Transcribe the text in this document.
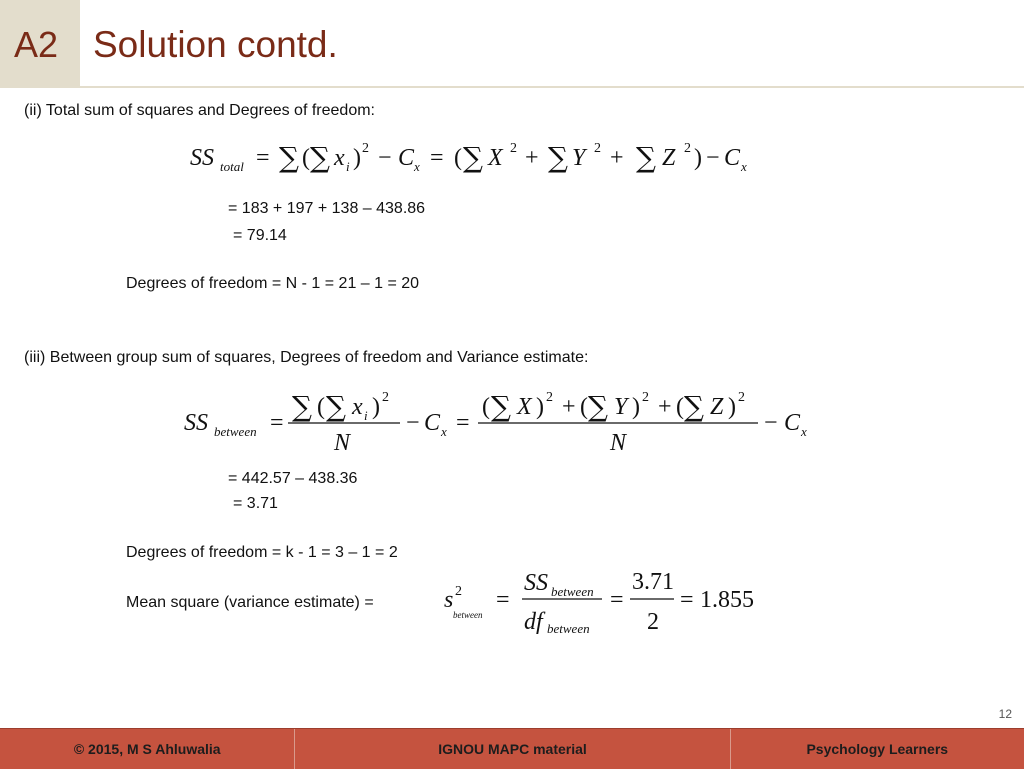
A2 Solution contd.
(ii) Total sum of squares and Degrees of freedom:
SS total = ∑ ( ∑ x i ) 2 − C x = ( ∑ X 2 + ∑ Y 2 + ∑ Z 2 ) − C x
= 183 + 197 + 138 – 438.86
= 79.14
Degrees of freedom = N - 1 = 21 – 1 = 20
(iii) Between group sum of squares, Degrees of freedom and Variance estimate:
SS between = ∑ ( ∑ x i ) 2
N
− C x =
( ∑ X ) 2 + ( ∑ Y ) 2 + ( ∑ Z ) 2
N
− C x
= 442.57 – 438.36
= 3.71
Degrees of freedom = k - 1 = 3 – 1 = 2
Mean square (variance estimate) =	s 2
between
=
SS between
df between
=
3.71
2
= 1.855
12
© 2015, M S Ahluwalia	IGNOU MAPC material	Psychology Learners
